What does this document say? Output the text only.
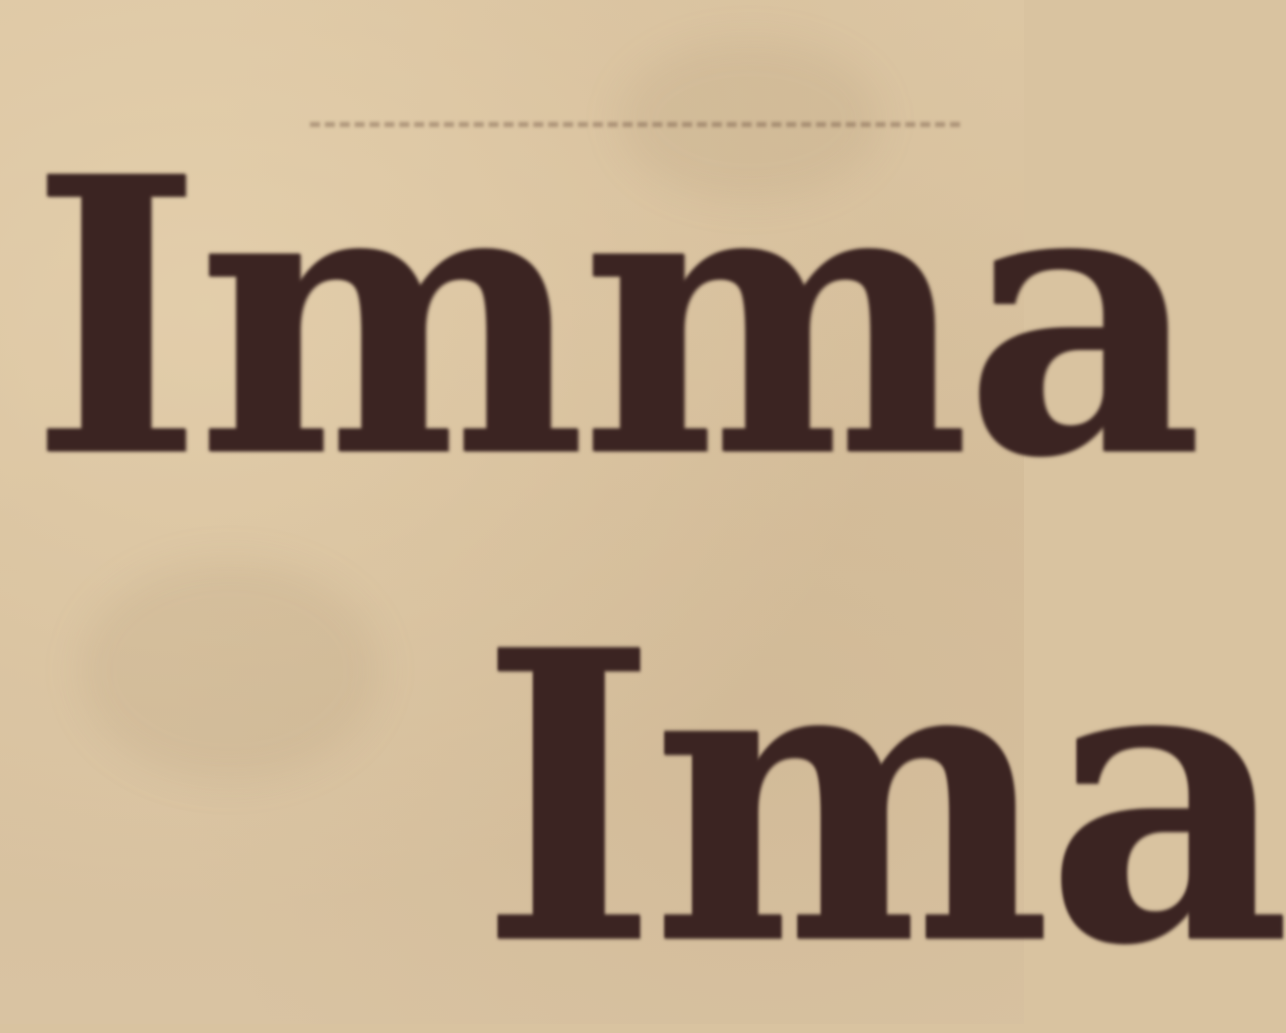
Imma
Ima
